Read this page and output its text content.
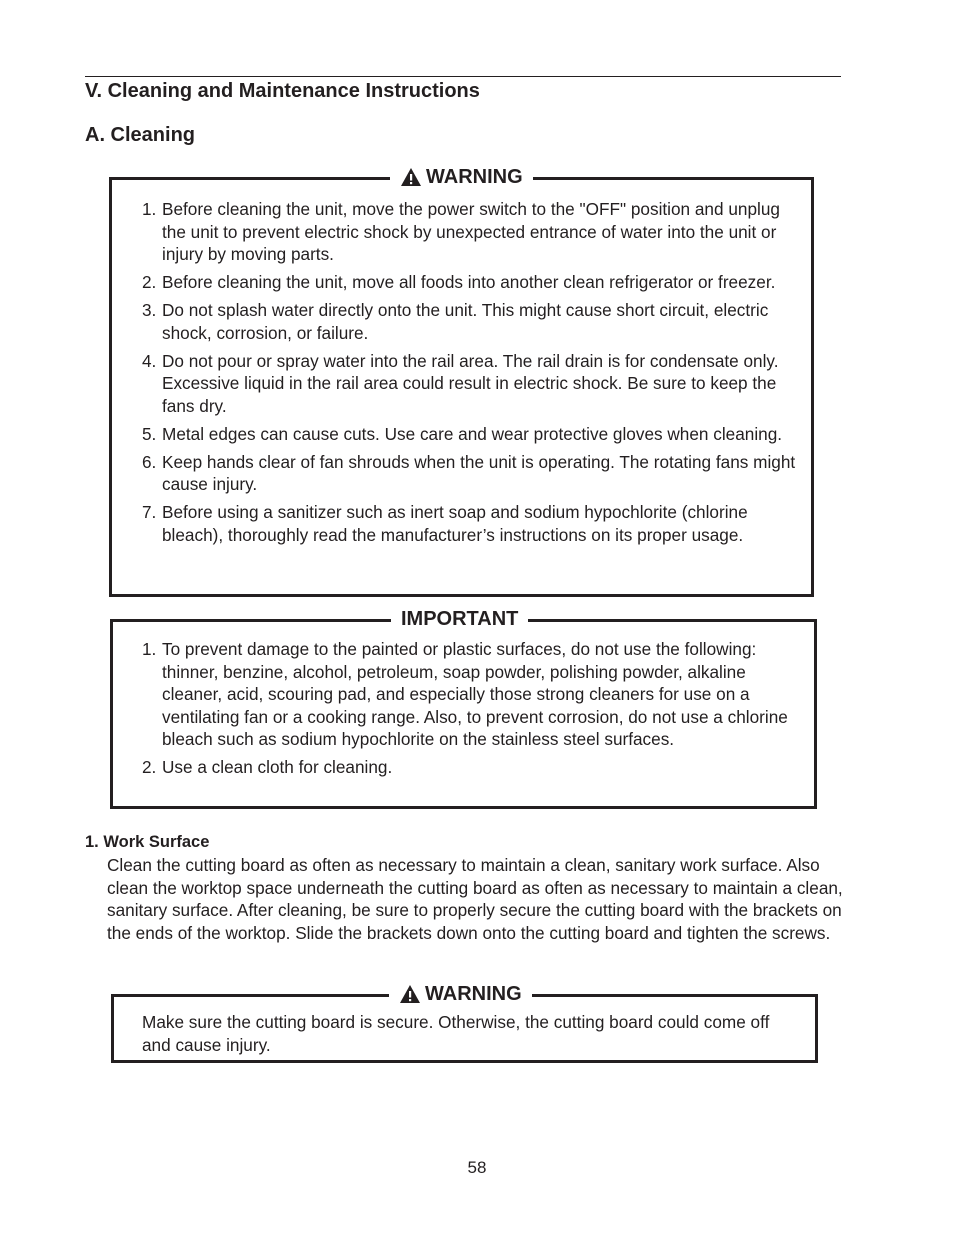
V. Cleaning and Maintenance Instructions
A. Cleaning
WARNING
1. Before cleaning the unit, move the power switch to the "OFF" position and unplug the unit to prevent electric shock by unexpected entrance of water into the unit or injury by moving parts.
2. Before cleaning the unit, move all foods into another clean refrigerator or freezer.
3. Do not splash water directly onto the unit. This might cause short circuit, electric shock, corrosion, or failure.
4. Do not pour or spray water into the rail area. The rail drain is for condensate only. Excessive liquid in the rail area could result in electric shock. Be sure to keep the fans dry.
5. Metal edges can cause cuts. Use care and wear protective gloves when cleaning.
6. Keep hands clear of fan shrouds when the unit is operating. The rotating fans might cause injury.
7. Before using a sanitizer such as inert soap and sodium hypochlorite (chlorine bleach), thoroughly read the manufacturer’s instructions on its proper usage.
IMPORTANT
1. To prevent damage to the painted or plastic surfaces, do not use the following: thinner, benzine, alcohol, petroleum, soap powder, polishing powder, alkaline cleaner, acid, scouring pad, and especially those strong cleaners for use on a ventilating fan or a cooking range. Also, to prevent corrosion, do not use a chlorine bleach such as sodium hypochlorite on the stainless steel surfaces.
2. Use a clean cloth for cleaning.
1. Work Surface

Clean the cutting board as often as necessary to maintain a clean, sanitary work surface. Also clean the worktop space underneath the cutting board as often as necessary to maintain a clean, sanitary surface. After cleaning, be sure to properly secure the cutting board with the brackets on the ends of the worktop. Slide the brackets down onto the cutting board and tighten the screws.

WARNING

Make sure the cutting board is secure. Otherwise, the cutting board could come off and cause injury.

58
